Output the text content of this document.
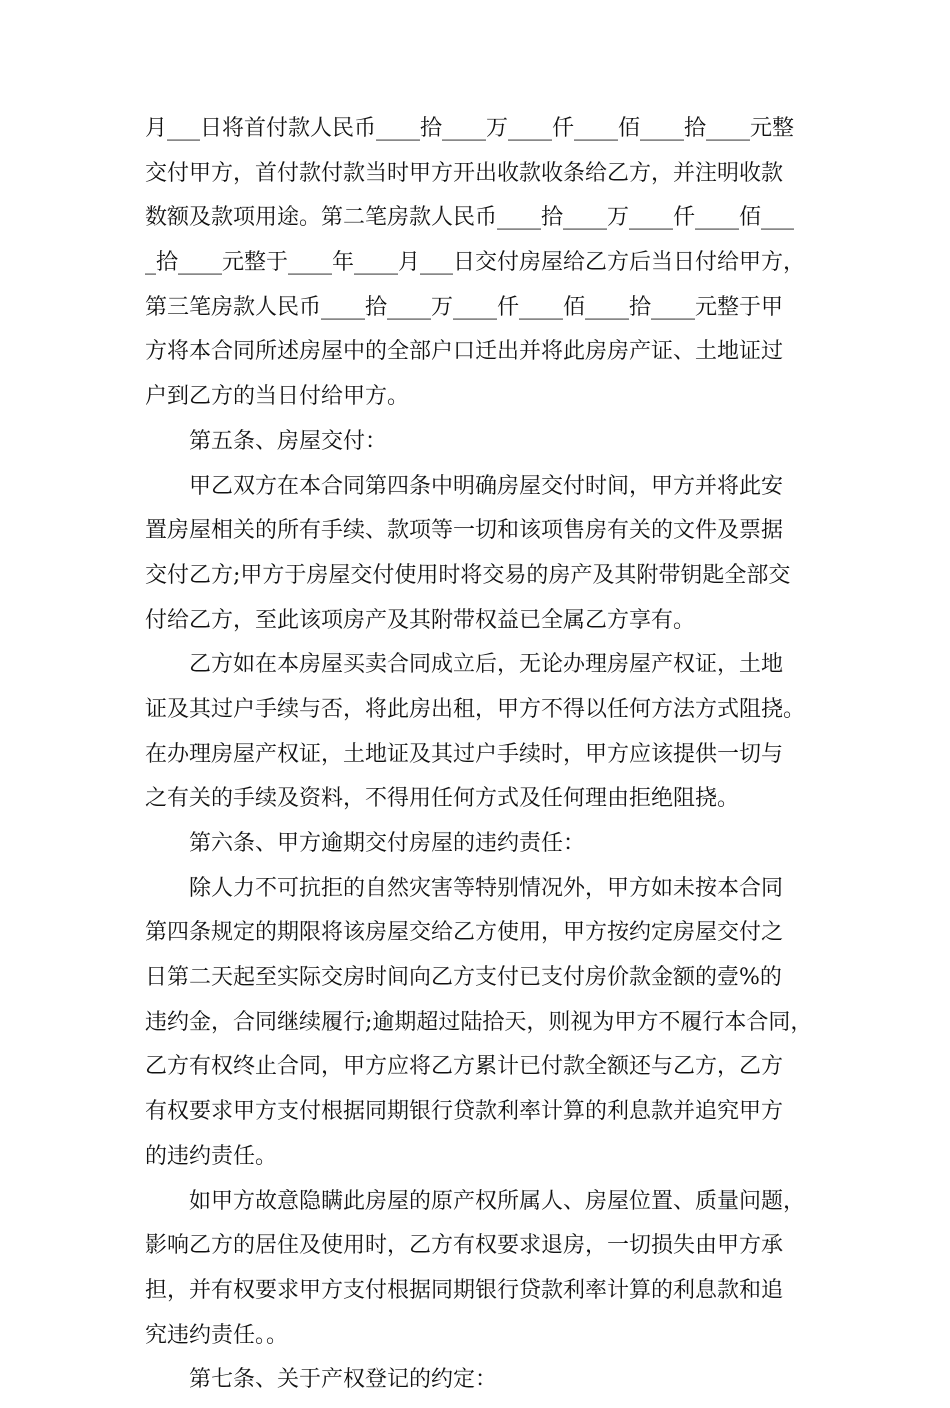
月___日将首付款人民币____拾____万____仟____佰____拾____元整
交付甲方，首付款付款当时甲方开出收款收条给乙方，并注明收款
数额及款项用途。第二笔房款人民币____拾____万____仟____佰___
_拾____元整于____年____月___日交付房屋给乙方后当日付给甲方，
第三笔房款人民币____拾____万____仟____佰____拾____元整于甲
方将本合同所述房屋中的全部户口迁出并将此房房产证、土地证过
户到乙方的当日付给甲方。
第五条、房屋交付：
甲乙双方在本合同第四条中明确房屋交付时间，甲方并将此安
置房屋相关的所有手续、款项等一切和该项售房有关的文件及票据
交付乙方;甲方于房屋交付使用时将交易的房产及其附带钥匙全部交
付给乙方，至此该项房产及其附带权益已全属乙方享有。
乙方如在本房屋买卖合同成立后，无论办理房屋产权证，土地
证及其过户手续与否，将此房出租，甲方不得以任何方法方式阻挠。
在办理房屋产权证，土地证及其过户手续时，甲方应该提供一切与
之有关的手续及资料，不得用任何方式及任何理由拒绝阻挠。
第六条、甲方逾期交付房屋的违约责任：
除人力不可抗拒的自然灾害等特别情况外，甲方如未按本合同
第四条规定的期限将该房屋交给乙方使用，甲方按约定房屋交付之
日第二天起至实际交房时间向乙方支付已支付房价款金额的壹%的
违约金，合同继续履行;逾期超过陆拾天，则视为甲方不履行本合同，
乙方有权终止合同，甲方应将乙方累计已付款全额还与乙方，乙方
有权要求甲方支付根据同期银行贷款利率计算的利息款并追究甲方
的违约责任。
如甲方故意隐瞒此房屋的原产权所属人、房屋位置、质量问题，
影响乙方的居住及使用时，乙方有权要求退房，一切损失由甲方承
担，并有权要求甲方支付根据同期银行贷款利率计算的利息款和追
究违约责任。。
第七条、关于产权登记的约定：
